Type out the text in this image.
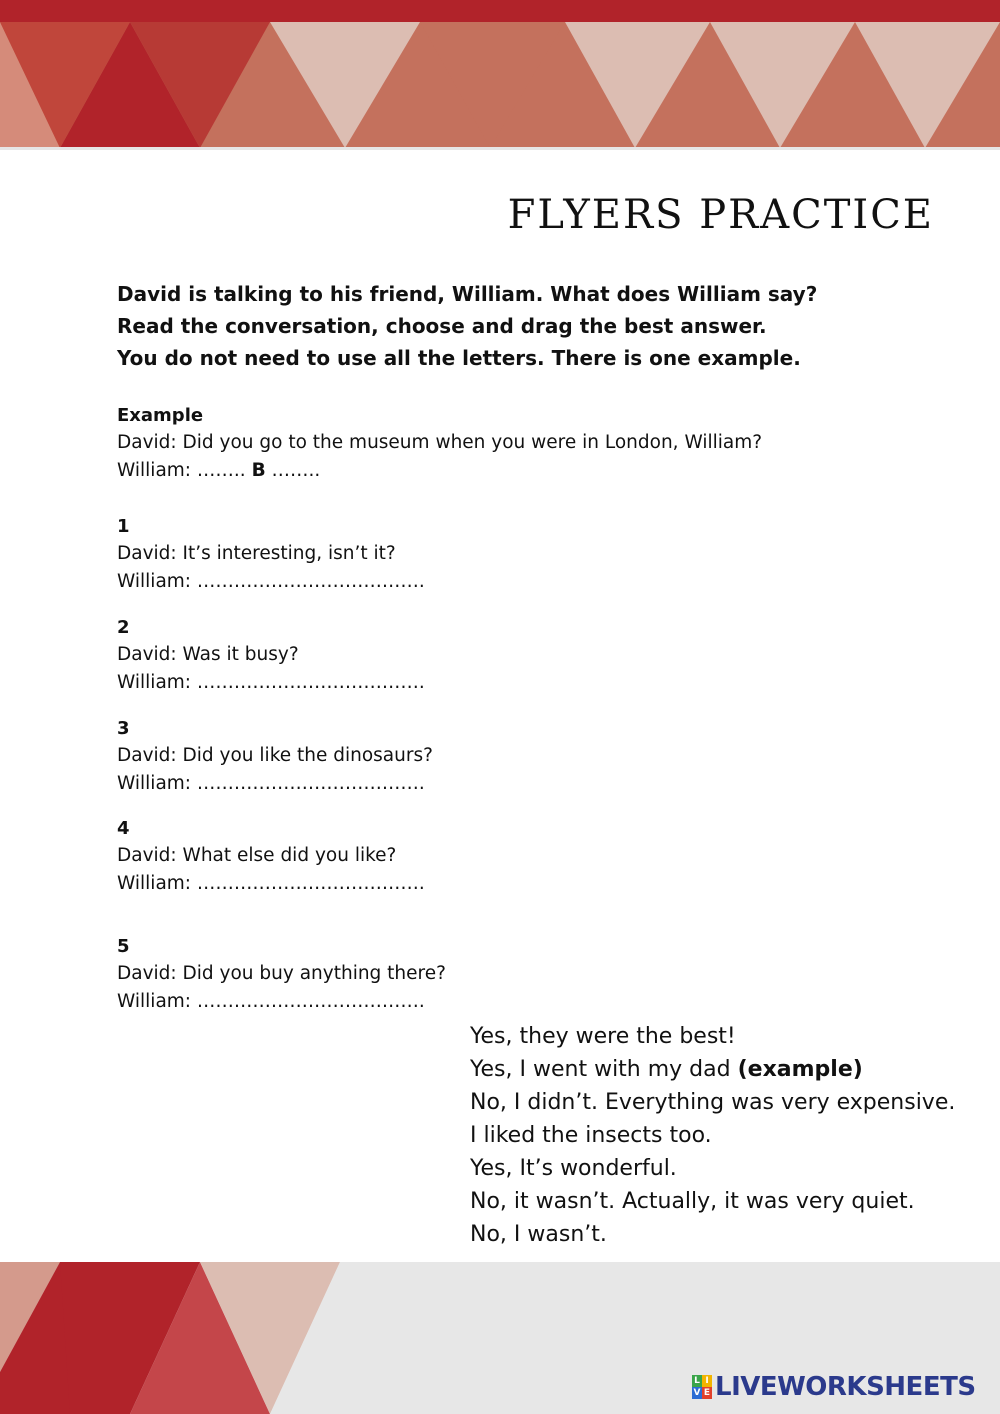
FLYERS PRACTICE

David is talking to his friend, William. What does William say?

Read the conversation, choose and drag the best answer.

You do not need to use all the letters. There is one example.

Example
David: Did you go to the museum when you were in London, William?
William: …….. B ……..
1
David: It’s interesting, isn’t it?
William: ……………………………….
2
David: Was it busy?
William: ……………………………….
3
David: Did you like the dinosaurs?
William: ……………………………….
4
David: What else did you like?
William: ……………………………….
5
David: Did you buy anything there?
William: ……………………………….
Yes, they were the best!
Yes, I went with my dad (example)
No, I didn’t. Everything was very expensive.
I liked the insects too.
Yes, It’s wonderful.
No, it wasn’t. Actually, it was very quiet.
No, I wasn’t.
L I
V E LIVEWORKSHEETS
